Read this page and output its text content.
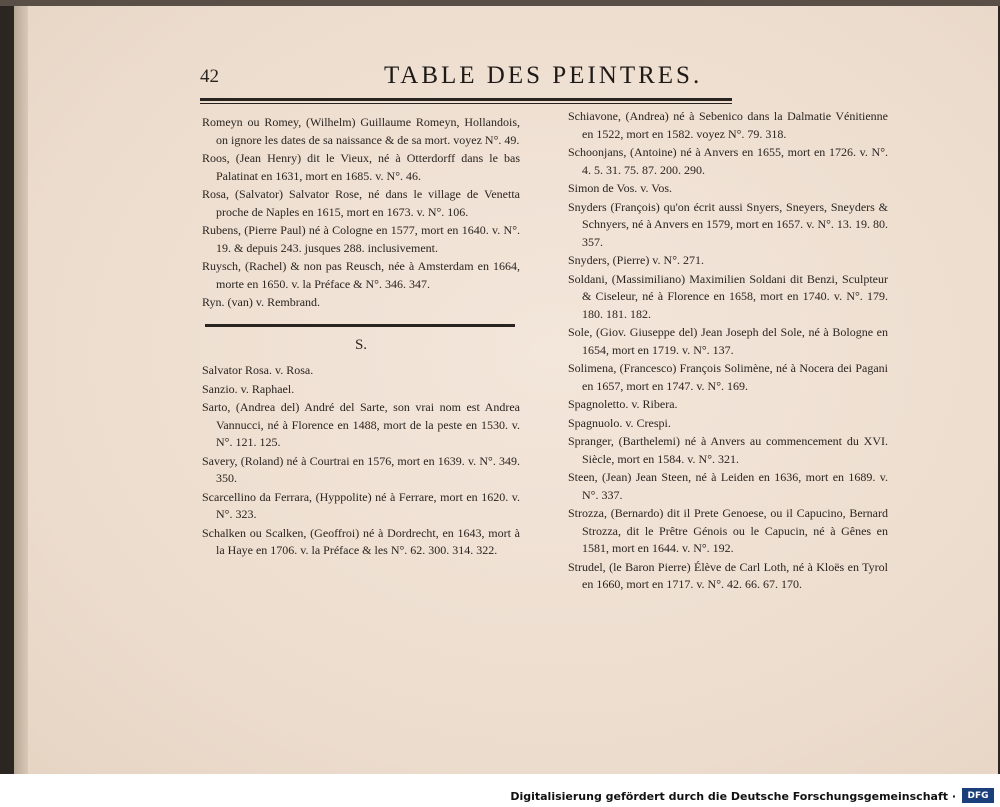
42	TABLE DES PEINTRES.

Romeyn ou Romey, (Wilhelm) Guillaume Romeyn, Hollandois, on ignore les dates de sa naissance & de sa mort. voyez N°. 49.

Roos, (Jean Henry) dit le Vieux, né à Otterdorff dans le bas Palatinat en 1631, mort en 1685. v. N°. 46.

Rosa, (Salvator) Salvator Rose, né dans le village de Venetta proche de Naples en 1615, mort en 1673. v. N°. 106.

Rubens, (Pierre Paul) né à Cologne en 1577, mort en 1640. v. N°. 19. & depuis 243. jusques 288. inclusivement.

Ruysch, (Rachel) & non pas Reusch, née à Amsterdam en 1664, morte en 1650. v. la Préface & N°. 346. 347.

Ryn. (van) v. Rembrand.

S.

Salvator Rosa. v. Rosa.

Sanzio. v. Raphael.

Sarto, (Andrea del) André del Sarte, son vrai nom est Andrea Vannucci, né à Florence en 1488, mort de la peste en 1530. v. N°. 121. 125.

Savery, (Roland) né à Courtrai en 1576, mort en 1639. v. N°. 349. 350.

Scarcellino da Ferrara, (Hyppolite) né à Ferrare, mort en 1620. v. N°. 323.

Schalken ou Scalken, (Geoffroi) né à Dordrecht, en 1643, mort à la Haye en 1706. v. la Préface & les N°. 62. 300. 314. 322.

Schiavone, (Andrea) né à Sebenico dans la Dalmatie Vénitienne en 1522, mort en 1582. voyez N°. 79. 318.

Schoonjans, (Antoine) né à Anvers en 1655, mort en 1726. v. N°. 4. 5. 31. 75. 87. 200. 290.

Simon de Vos. v. Vos.

Snyders (François) qu'on écrit aussi Snyers, Sneyers, Sneyders & Schnyers, né à Anvers en 1579, mort en 1657. v. N°. 13. 19. 80. 357.

Snyders, (Pierre) v. N°. 271.

Soldani, (Massimiliano) Maximilien Soldani dit Benzi, Sculpteur & Ciseleur, né à Florence en 1658, mort en 1740. v. N°. 179. 180. 181. 182.

Sole, (Giov. Giuseppe del) Jean Joseph del Sole, né à Bologne en 1654, mort en 1719. v. N°. 137.

Solimena, (Francesco) François Solimène, né à Nocera dei Pagani en 1657, mort en 1747. v. N°. 169.

Spagnoletto. v. Ribera.

Spagnuolo. v. Crespi.

Spranger, (Barthelemi) né à Anvers au commencement du XVI. Siècle, mort en 1584. v. N°. 321.

Steen, (Jean) Jean Steen, né à Leiden en 1636, mort en 1689. v. N°. 337.

Strozza, (Bernardo) dit il Prete Genoese, ou il Capucino, Bernard Strozza, dit le Prêtre Génois ou le Capucin, né à Gênes en 1581, mort en 1644. v. N°. 192.

Strudel, (le Baron Pierre) Élève de Carl Loth, né à Kloës en Tyrol en 1660, mort en 1717. v. N°. 42. 66. 67. 170.

Digitalisierung gefördert durch die Deutsche Forschungsgemeinschaft ·	DFG
